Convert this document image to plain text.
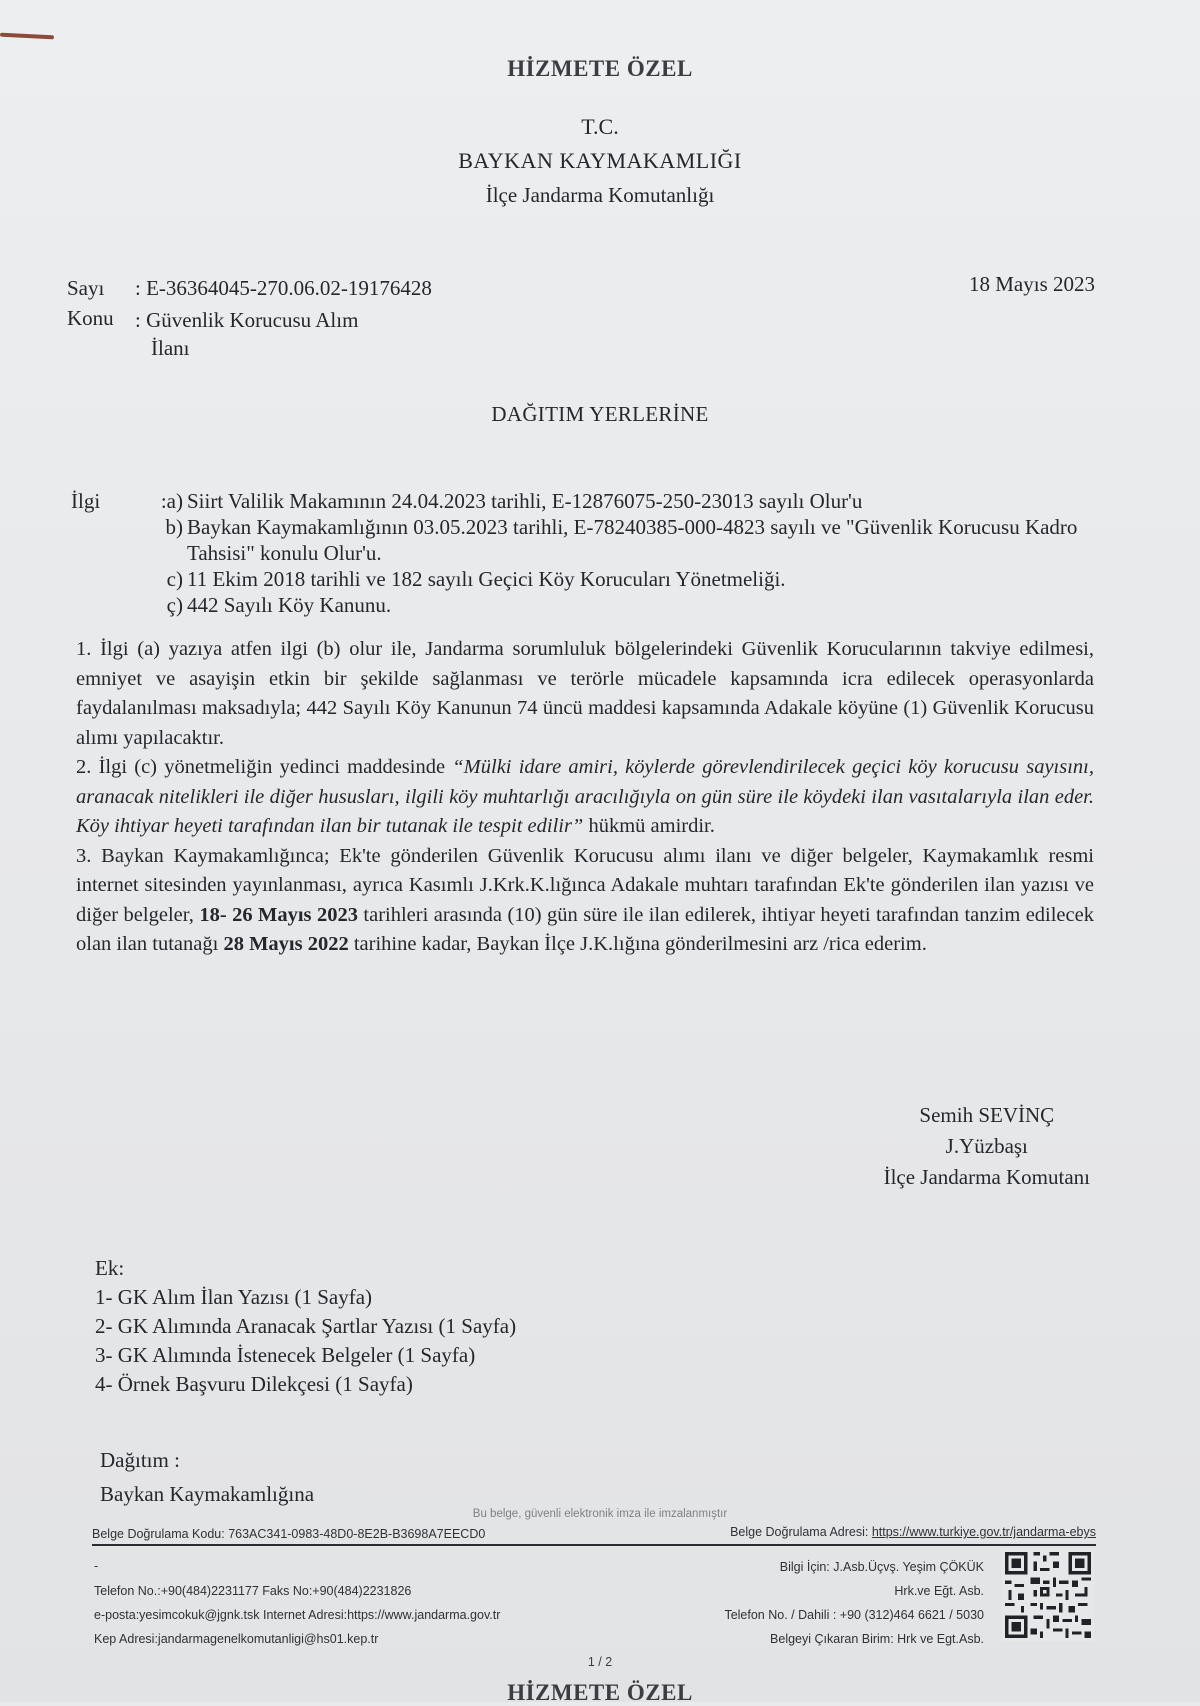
HİZMETE ÖZEL
T.C.
BAYKAN KAYMAKAMLIĞI
İlçe Jandarma Komutanlığı
Sayı : E-36364045-270.06.02-19176428	18 Mayıs 2023
Konu : Güvenlik Korucusu Alım
İlanı
DAĞITIM YERLERİNE
İlgi	:a) Siirt Valilik Makamının 24.04.2023 tarihli, E-12876075-250-23013 sayılı Olur'u
b) Baykan Kaymakamlığının 03.05.2023 tarihli, E-78240385-000-4823 sayılı ve "Güvenlik Korucusu Kadro Tahsisi" konulu Olur'u.
c) 11 Ekim 2018 tarihli ve 182 sayılı Geçici Köy Korucuları Yönetmeliği.
ç) 442 Sayılı Köy Kanunu.

1. İlgi (a) yazıya atfen ilgi (b) olur ile, Jandarma sorumluluk bölgelerindeki Güvenlik Korucularının takviye edilmesi, emniyet ve asayişin etkin bir şekilde sağlanması ve terörle mücadele kapsamında icra edilecek operasyonlarda faydalanılması maksadıyla; 442 Sayılı Köy Kanunun 74 üncü maddesi kapsamında Adakale köyüne (1) Güvenlik Korucusu alımı yapılacaktır.

2. İlgi (c) yönetmeliğin yedinci maddesinde “Mülki idare amiri, köylerde görevlendirilecek geçici köy korucusu sayısını, aranacak nitelikleri ile diğer hususları, ilgili köy muhtarlığı aracılığıyla on gün süre ile köydeki ilan vasıtalarıyla ilan eder. Köy ihtiyar heyeti tarafından ilan bir tutanak ile tespit edilir” hükmü amirdir.

3. Baykan Kaymakamlığınca; Ek'te gönderilen Güvenlik Korucusu alımı ilanı ve diğer belgeler, Kaymakamlık resmi internet sitesinden yayınlanması, ayrıca Kasımlı J.Krk.K.lığınca Adakale muhtarı tarafından Ek'te gönderilen ilan yazısı ve diğer belgeler, 18- 26 Mayıs 2023 tarihleri arasında (10) gün süre ile ilan edilerek, ihtiyar heyeti tarafından tanzim edilecek olan ilan tutanağı 28 Mayıs 2022 tarihine kadar, Baykan İlçe J.K.lığına gönderilmesini arz /rica ederim.

Semih SEVİNÇ
J.Yüzbaşı
İlçe Jandarma Komutanı
Ek:
1- GK Alım İlan Yazısı (1 Sayfa)
2- GK Alımında Aranacak Şartlar Yazısı (1 Sayfa)
3- GK Alımında İstenecek Belgeler (1 Sayfa)
4- Örnek Başvuru Dilekçesi (1 Sayfa)
Dağıtım :
Baykan Kaymakamlığına
Bu belge, güvenli elektronik imza ile imzalanmıştır
Belge Doğrulama Kodu: 763AC341-0983-48D0-8E2B-B3698A7EECD0	Belge Doğrulama Adresi: https://www.turkiye.gov.tr/jandarma-ebys
-
Telefon No.:+90(484)2231177 Faks No:+90(484)2231826
e-posta:yesimcokuk@jgnk.tsk Internet Adresi:https://www.jandarma.gov.tr
Kep Adresi:jandarmagenelkomutanligi@hs01.kep.tr
Bilgi İçin: J.Asb.Üçvş. Yeşim ÇÖKÜK
Hrk.ve Eğt. Asb.
Telefon No. / Dahili : +90 (312)464 6621 / 5030
Belgeyi Çıkaran Birim: Hrk ve Egt.Asb.
1 / 2
HİZMETE ÖZEL
